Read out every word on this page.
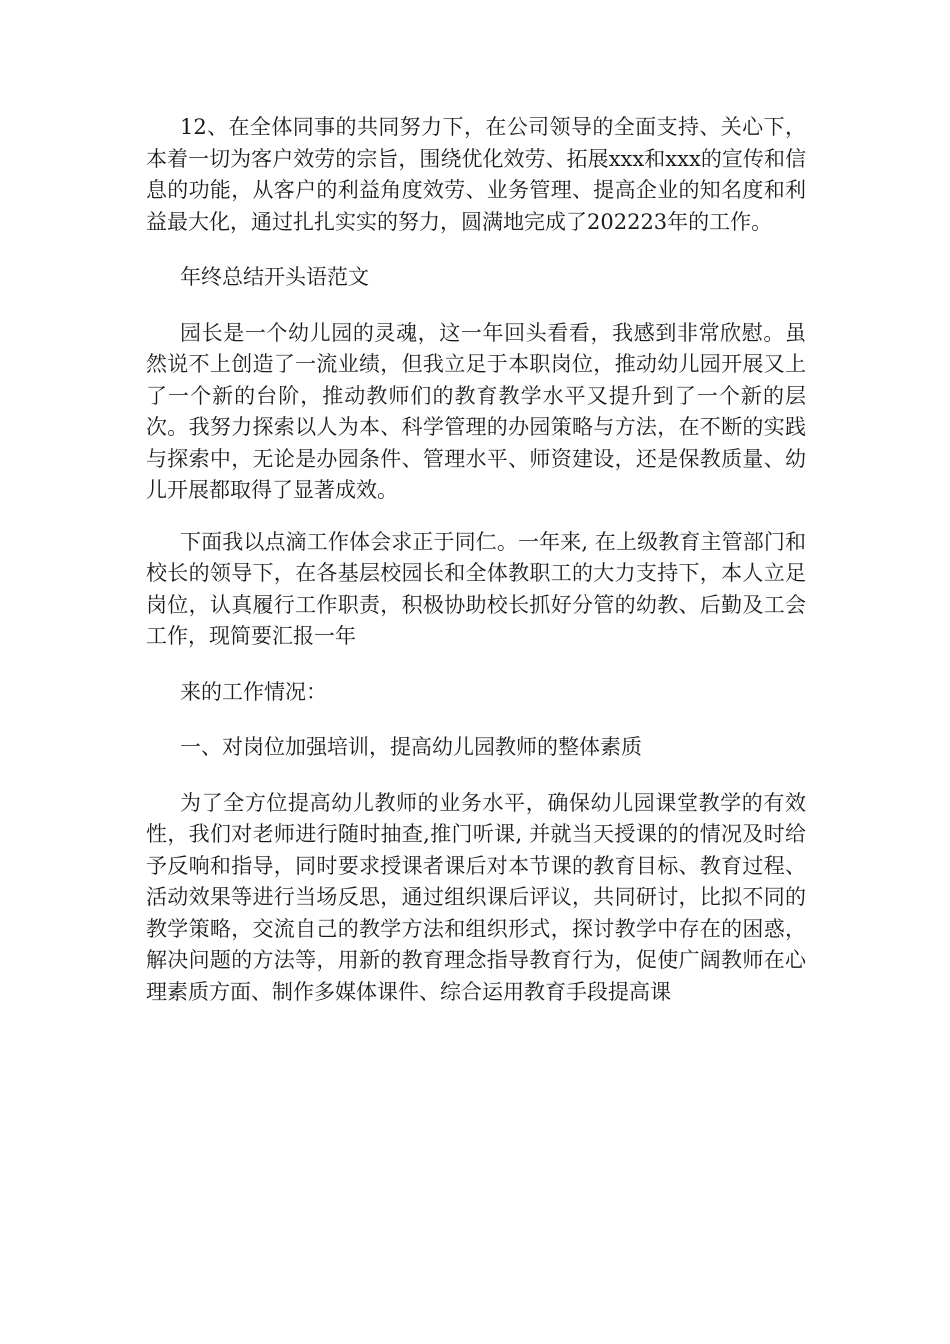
12、在全体同事的共同努力下，在公司领导的全面支持、关心下，本着一切为客户效劳的宗旨，围绕优化效劳、拓展xxx和xxx的宣传和信息的功能，从客户的利益角度效劳、业务管理、提高企业的知名度和利益最大化，通过扎扎实实的努力，圆满地完成了202223年的工作。

年终总结开头语范文

园长是一个幼儿园的灵魂，这一年回头看看，我感到非常欣慰。虽然说不上创造了一流业绩，但我立足于本职岗位，推动幼儿园开展又上了一个新的台阶，推动教师们的教育教学水平又提升到了一个新的层次。我努力探索以人为本、科学管理的办园策略与方法，在不断的实践与探索中，无论是办园条件、管理水平、师资建设，还是保教质量、幼儿开展都取得了显著成效。

下面我以点滴工作体会求正于同仁。一年来, 在上级教育主管部门和校长的领导下，在各基层校园长和全体教职工的大力支持下，本人立足岗位，认真履行工作职责，积极协助校长抓好分管的幼教、后勤及工会工作，现简要汇报一年

来的工作情况：

一、对岗位加强培训，提高幼儿园教师的整体素质

为了全方位提高幼儿教师的业务水平，确保幼儿园课堂教学的有效性，我们对老师进行随时抽查,推门听课, 并就当天授课的的情况及时给予反响和指导，同时要求授课者课后对本节课的教育目标、教育过程、活动效果等进行当场反思，通过组织课后评议，共同研讨，比拟不同的教学策略，交流自己的教学方法和组织形式，探讨教学中存在的困惑，解决问题的方法等，用新的教育理念指导教育行为，促使广阔教师在心理素质方面、制作多媒体课件、综合运用教育手段提高课
